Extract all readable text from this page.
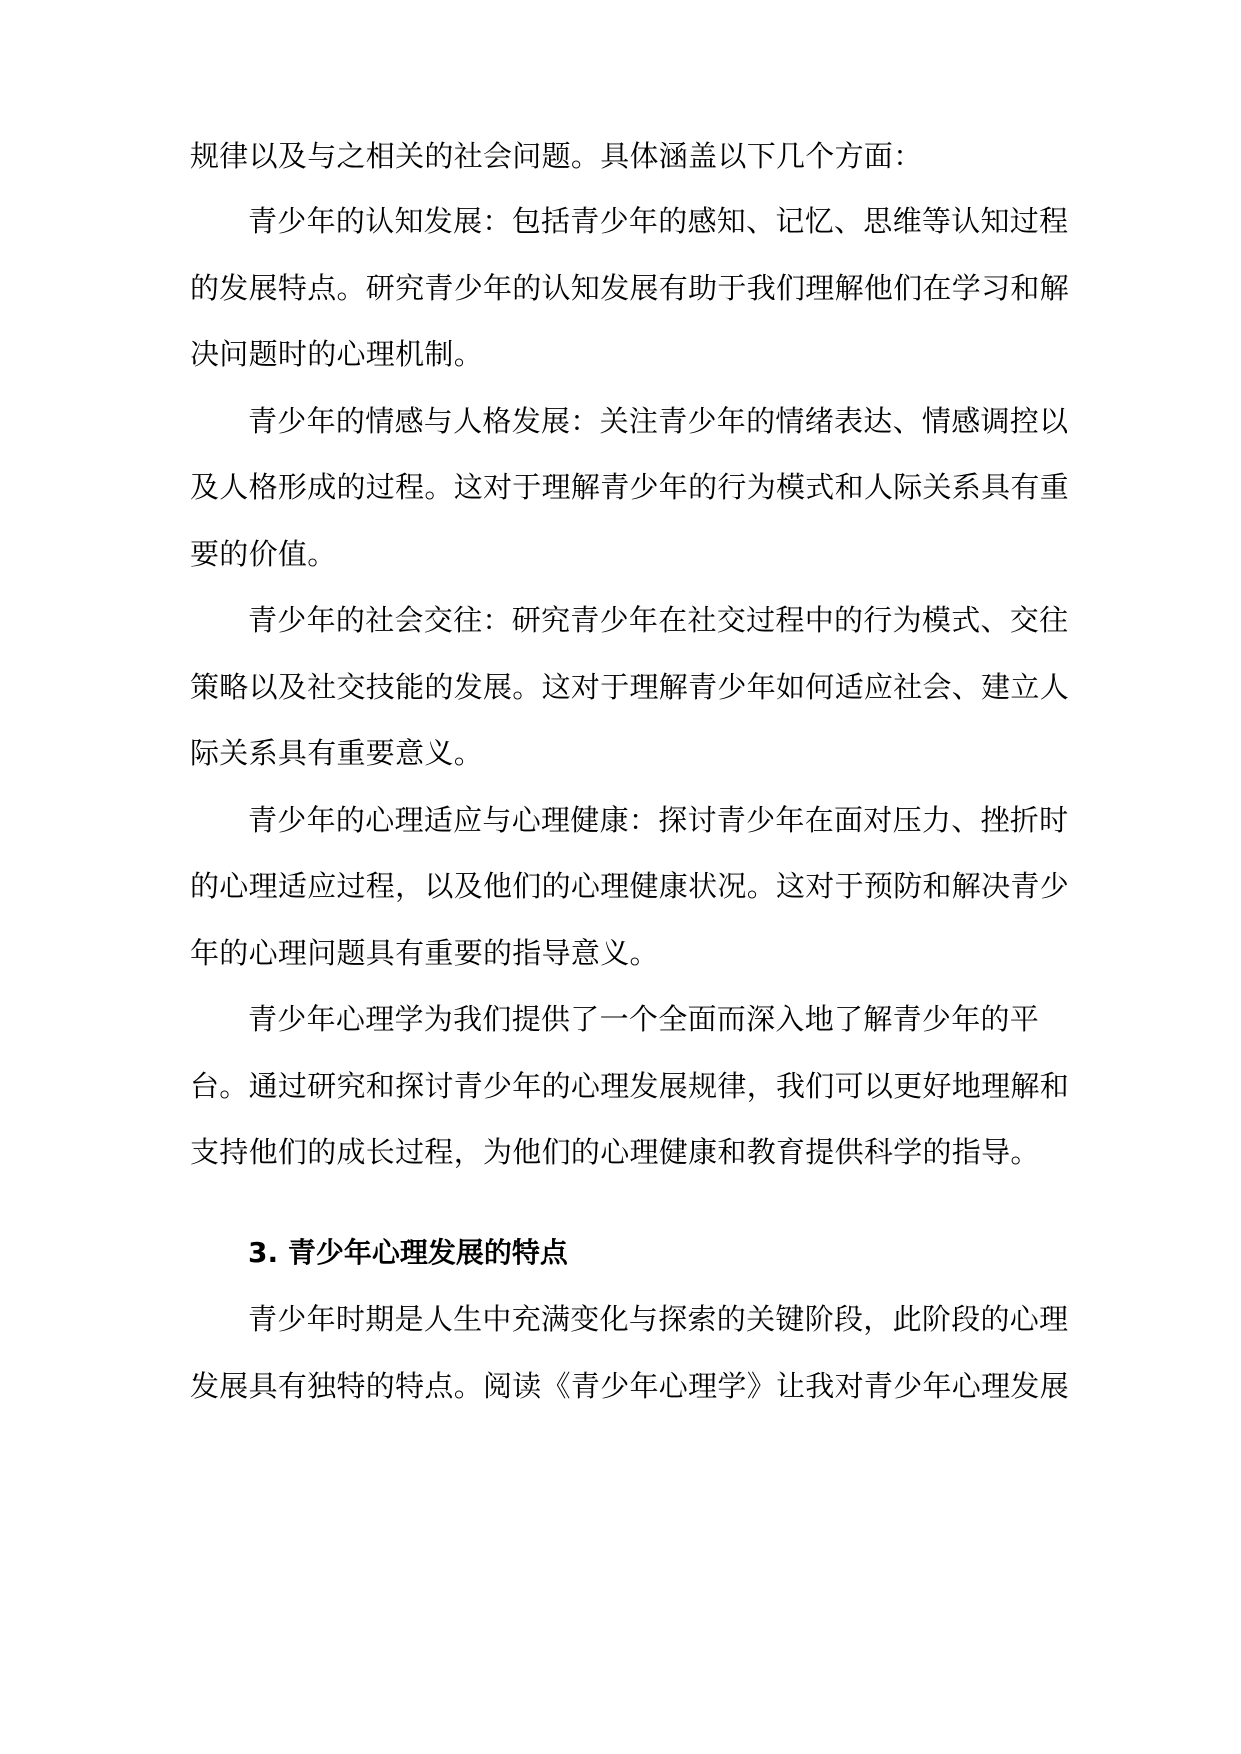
规律以及与之相关的社会问题。具体涵盖以下几个方面：
青少年的认知发展：包括青少年的感知、记忆、思维等认知过程
的发展特点。研究青少年的认知发展有助于我们理解他们在学习和解
决问题时的心理机制。
青少年的情感与人格发展：关注青少年的情绪表达、情感调控以
及人格形成的过程。这对于理解青少年的行为模式和人际关系具有重
要的价值。
青少年的社会交往：研究青少年在社交过程中的行为模式、交往
策略以及社交技能的发展。这对于理解青少年如何适应社会、建立人
际关系具有重要意义。
青少年的心理适应与心理健康：探讨青少年在面对压力、挫折时
的心理适应过程，以及他们的心理健康状况。这对于预防和解决青少
年的心理问题具有重要的指导意义。
青少年心理学为我们提供了一个全面而深入地了解青少年的平
台。通过研究和探讨青少年的心理发展规律，我们可以更好地理解和
支持他们的成长过程，为他们的心理健康和教育提供科学的指导。
3. 青少年心理发展的特点
青少年时期是人生中充满变化与探索的关键阶段，此阶段的心理
发展具有独特的特点。阅读《青少年心理学》让我对青少年心理发展
